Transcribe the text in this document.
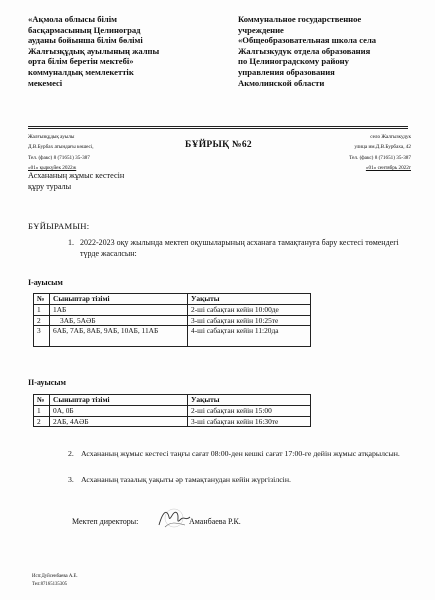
«Ақмола облысы білім
басқармасының Целиноград
ауданы бойынша білім бөлімі
Жалғызқұдық ауылының жалпы
орта білім беретін мектебі»
коммуналдық мемлекеттік
мекемесі
Коммунальное государственное
учреждение
«Общеобразовательная школа села
Жалгызкудук отдела образования
по Целиноградскому району
управления образования
Акмолинской области
Жалғызқұдық ауылы
Д.В.Бурбах атындағы көшесі,
Тел. (факс) 8 (71651) 35-387
«01» қыркүйек 2022ж
БҰЙРЫҚ №62
село Жалгызкудук
улица им.Д.В.Бурбаха, 42
Тел. (факс) 8 (71651) 35-387
«01» сентябрь 2022г
Асхананың жұмыс кестесін
құру туралы
БҰЙЫРАМЫН:
1. 2022-2023 оқу жылында мектеп оқушыларының асханаға тамақтануға бару кестесі төмендегі түрде жасалсын:
І-ауысым
№	Сыныптар тізімі	Уақыты
1	1АБ	2-ші сабақтан кейін 10:00де
2	3АБ, 5АӘБ	3-ші сабақтан кейін 10:25те
3	6АБ, 7АБ, 8АБ, 9АБ, 10АБ, 11АБ	4-ші сабақтан кейін 11:20да
ІІ-ауысым
№	Сыныптар тізімі	Уақыты
1	0А, 0Б	2-ші сабақтан кейін 15:00
2	2АБ, 4АӘБ	3-ші сабақтан кейін 16:30те
2. Асхананың жұмыс кестесі таңғы сағат 08:00-ден кешкі сағат 17:00-ге дейін жұмыс атқарылсын.
3. Асхананың тазалық уақыты әр тамақтанудан кейін жүргізілсін.
Мектеп директоры:	Аманбаева Р.К.
Исп:Дуйсенбаева А.Е.
Тел:87165135305
